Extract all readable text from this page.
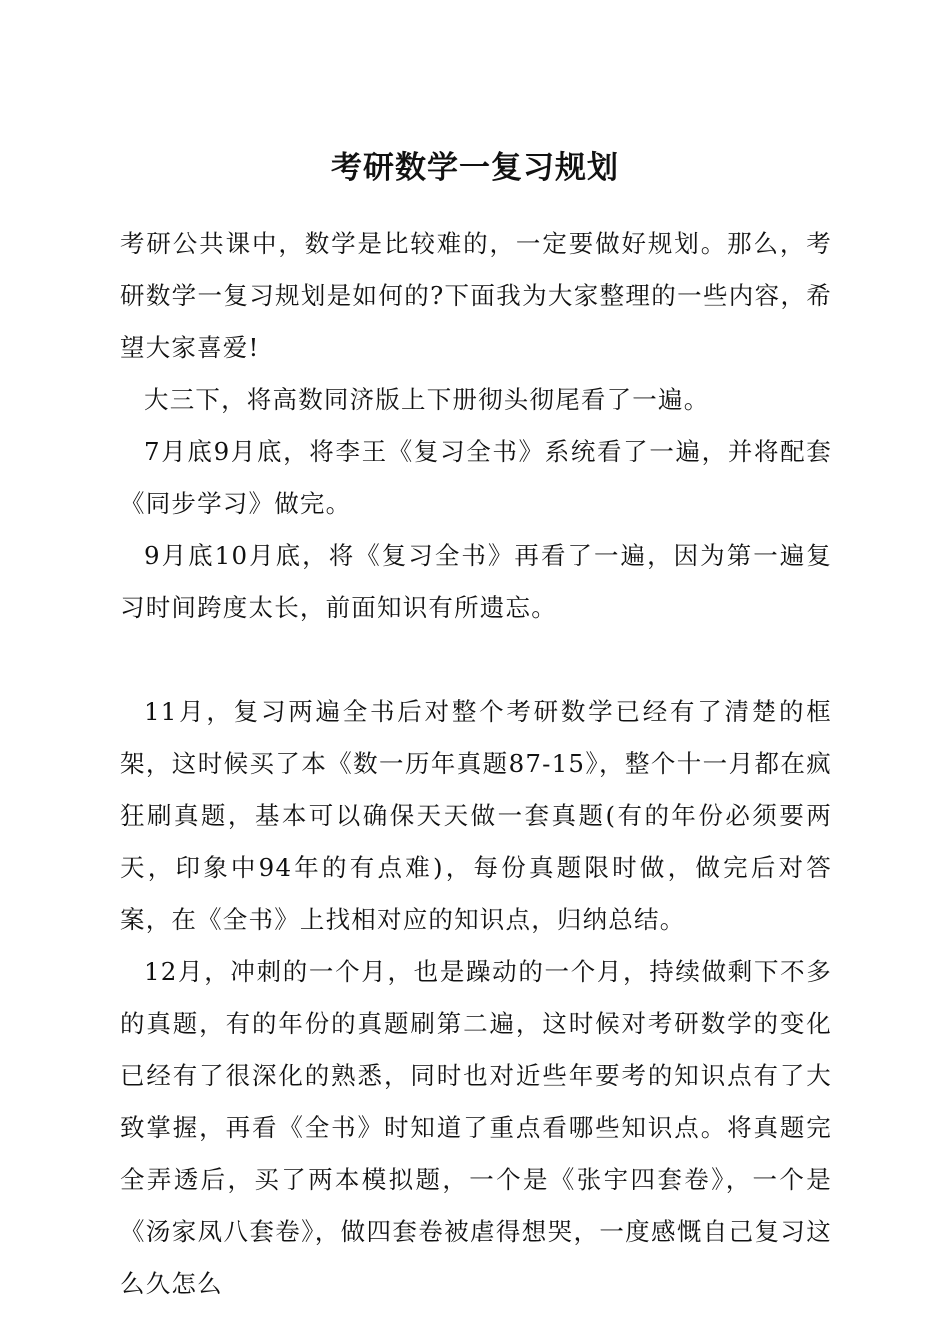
考研数学一复习规划

考研公共课中，数学是比较难的，一定要做好规划。那么，考研数学一复习规划是如何的?下面我为大家整理的一些内容，希望大家喜爱!

大三下，将高数同济版上下册彻头彻尾看了一遍。

7月底9月底，将李王《复习全书》系统看了一遍，并将配套《同步学习》做完。

9月底10月底，将《复习全书》再看了一遍，因为第一遍复习时间跨度太长，前面知识有所遗忘。

11月，复习两遍全书后对整个考研数学已经有了清楚的框架，这时候买了本《数一历年真题87-15》，整个十一月都在疯狂刷真题，基本可以确保天天做一套真题(有的年份必须要两天，印象中94年的有点难)，每份真题限时做，做完后对答案，在《全书》上找相对应的知识点，归纳总结。

12月，冲刺的一个月，也是躁动的一个月，持续做剩下不多的真题，有的年份的真题刷第二遍，这时候对考研数学的变化已经有了很深化的熟悉，同时也对近些年要考的知识点有了大致掌握，再看《全书》时知道了重点看哪些知识点。将真题完全弄透后，买了两本模拟题，一个是《张宇四套卷》，一个是《汤家凤八套卷》，做四套卷被虐得想哭，一度感慨自己复习这么久怎么
